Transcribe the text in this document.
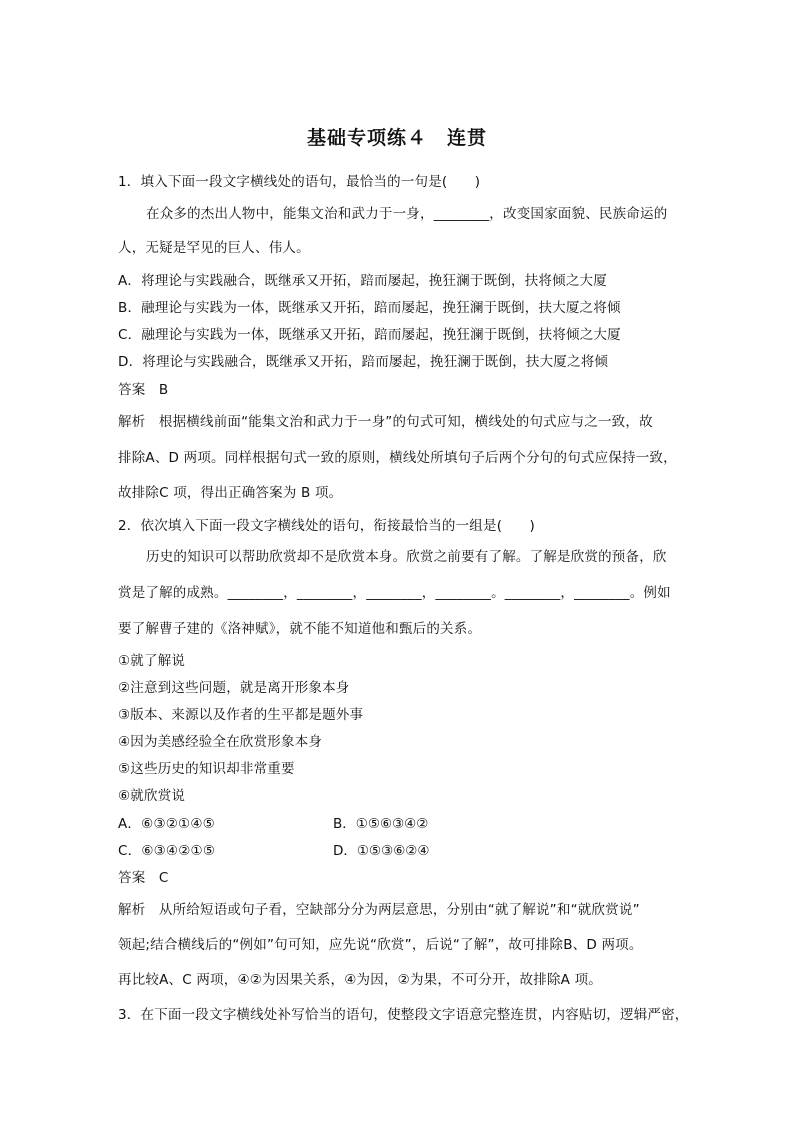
基础专项练４　连贯
1．填入下面一段文字横线处的语句，最恰当的一句是(　　)
在众多的杰出人物中，能集文治和武力于一身，________，改变国家面貌、民族命运的
人，无疑是罕见的巨人、伟人。
A．将理论与实践融合，既继承又开拓，踣而屡起，挽狂澜于既倒，扶将倾之大厦
B．融理论与实践为一体，既继承又开拓，踣而屡起，挽狂澜于既倒，扶大厦之将倾
C．融理论与实践为一体，既继承又开拓，踣而屡起，挽狂澜于既倒，扶将倾之大厦
D．将理论与实践融合，既继承又开拓，踣而屡起，挽狂澜于既倒，扶大厦之将倾
答案 B
解析 根据横线前面“能集文治和武力于一身”的句式可知，横线处的句式应与之一致，故
排除A、D 两项。同样根据句式一致的原则，横线处所填句子后两个分句的句式应保持一致，
故排除C 项，得出正确答案为 B 项。
2．依次填入下面一段文字横线处的语句，衔接最恰当的一组是(　　)
历史的知识可以帮助欣赏却不是欣赏本身。欣赏之前要有了解。了解是欣赏的预备，欣
赏是了解的成熟。________，________，________，________。________，________。例如
要了解曹子建的《洛神赋》，就不能不知道他和甄后的关系。
①就了解说
②注意到这些问题，就是离开形象本身
③版本、来源以及作者的生平都是题外事
④因为美感经验全在欣赏形象本身
⑤这些历史的知识却非常重要
⑥就欣赏说
A．⑥③②①④⑤	B．①⑤⑥③④②
C．⑥③④②①⑤	D．①⑤③⑥②④
答案 C
解析 从所给短语或句子看，空缺部分分为两层意思，分别由“就了解说”和“就欣赏说”
领起;结合横线后的“例如”句可知，应先说“欣赏”，后说“了解”，故可排除B、D 两项。
再比较A、C 两项，④②为因果关系，④为因，②为果，不可分开，故排除A 项。
3．在下面一段文字横线处补写恰当的语句，使整段文字语意完整连贯，内容贴切，逻辑严密，
